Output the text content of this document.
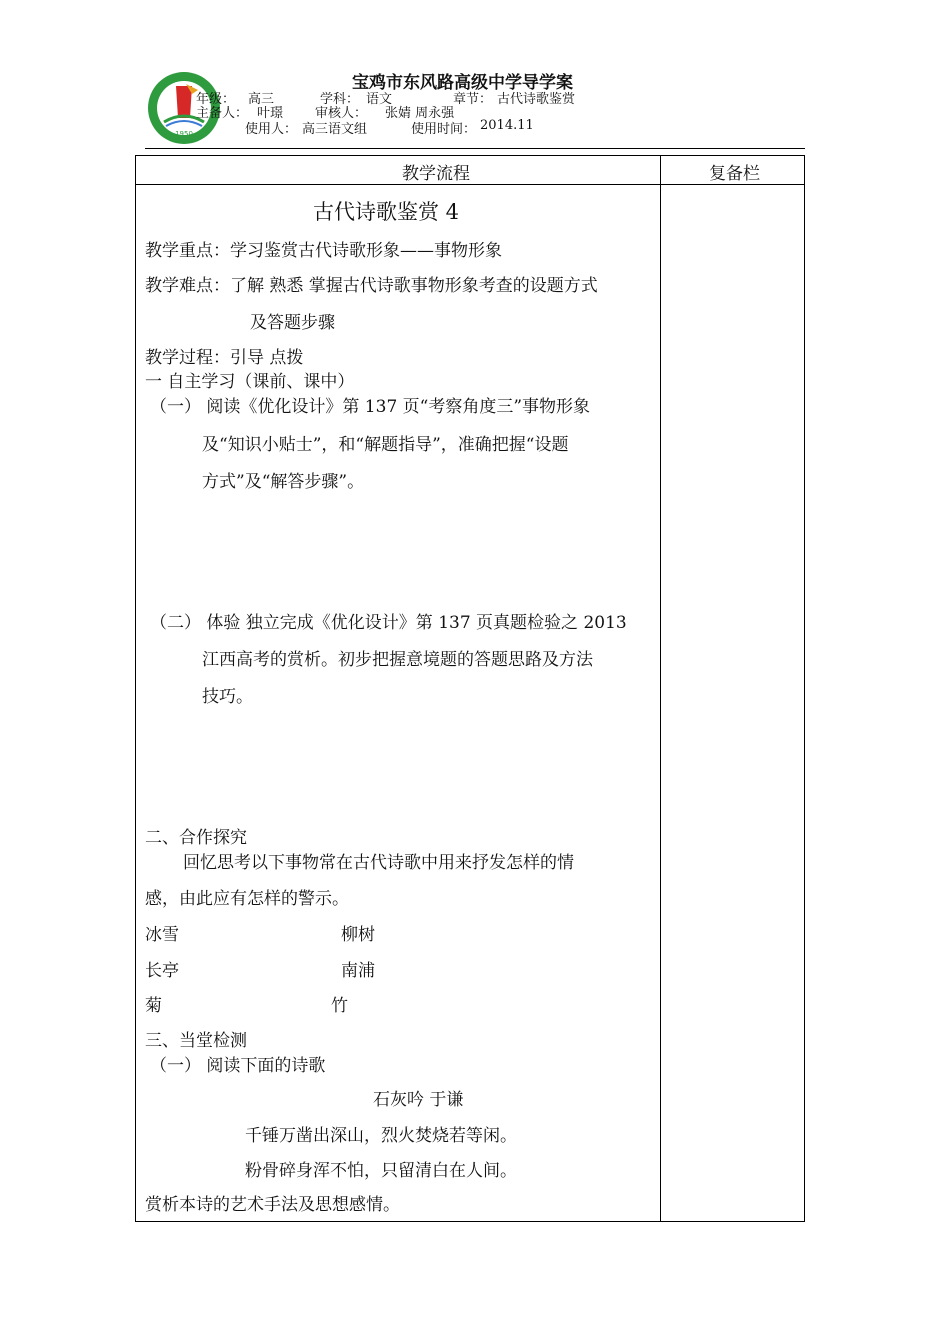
1950
宝鸡市东风路高级中学导学案
年级： 高三	学科： 语文	章节： 古代诗歌鉴赏
主备人： 叶璟 审核人： 张婧 周永强
使用人： 高三语文组	使用时间： 2014.11
教学流程	复备栏
古代诗歌鉴赏 4
教学重点：学习鉴赏古代诗歌形象——事物形象
教学难点：了解 熟悉 掌握古代诗歌事物形象考查的设题方式
及答题步骤
教学过程：引导 点拨
一 自主学习（课前、课中）
（一） 阅读《优化设计》第 137 页“考察角度三”事物形象
及“知识小贴士”，和“解题指导”，准确把握“设题
方式”及“解答步骤”。
（二） 体验 独立完成《优化设计》第 137 页真题检验之 2013
江西高考的赏析。初步把握意境题的答题思路及方法
技巧。
二、合作探究
回忆思考以下事物常在古代诗歌中用来抒发怎样的情
感，由此应有怎样的警示。
冰雪	柳树
长亭	南浦
菊	竹
三、当堂检测
（一） 阅读下面的诗歌
石灰吟 于谦
千锤万凿出深山，烈火焚烧若等闲。
粉骨碎身浑不怕，只留清白在人间。
赏析本诗的艺术手法及思想感情。
